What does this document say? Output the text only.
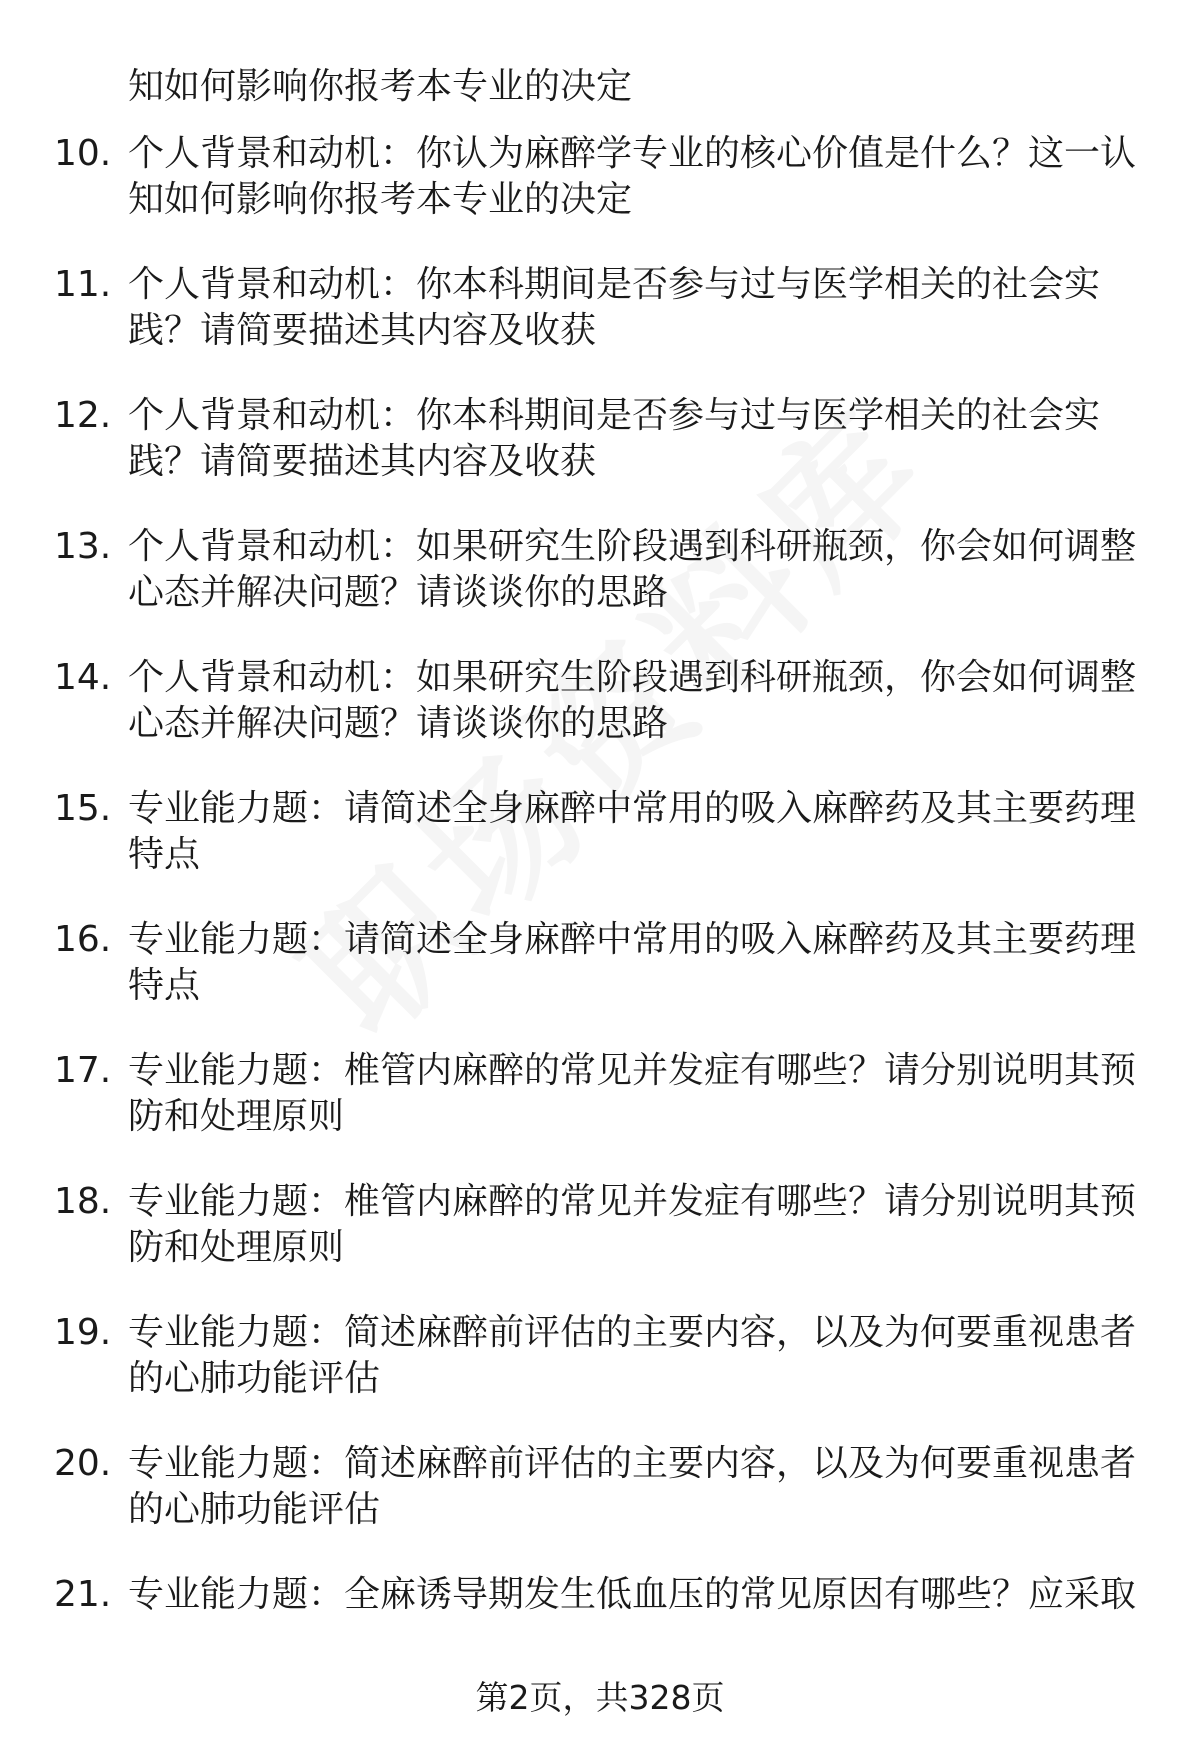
知如何影响你报考本专业的决定
10. 个人背景和动机：你认为麻醉学专业的核心价值是什么？这一认
知如何影响你报考本专业的决定
11. 个人背景和动机：你本科期间是否参与过与医学相关的社会实
践？请简要描述其内容及收获
12. 个人背景和动机：你本科期间是否参与过与医学相关的社会实
践？请简要描述其内容及收获
13. 个人背景和动机：如果研究生阶段遇到科研瓶颈，你会如何调整
心态并解决问题？请谈谈你的思路
14. 个人背景和动机：如果研究生阶段遇到科研瓶颈，你会如何调整
心态并解决问题？请谈谈你的思路
15. 专业能力题：请简述全身麻醉中常用的吸入麻醉药及其主要药理
特点
16. 专业能力题：请简述全身麻醉中常用的吸入麻醉药及其主要药理
特点
17. 专业能力题：椎管内麻醉的常见并发症有哪些？请分别说明其预
防和处理原则
18. 专业能力题：椎管内麻醉的常见并发症有哪些？请分别说明其预
防和处理原则
19. 专业能力题：简述麻醉前评估的主要内容，以及为何要重视患者
的心肺功能评估
20. 专业能力题：简述麻醉前评估的主要内容，以及为何要重视患者
的心肺功能评估
21. 专业能力题：全麻诱导期发生低血压的常见原因有哪些？应采取
第2页，共328页
